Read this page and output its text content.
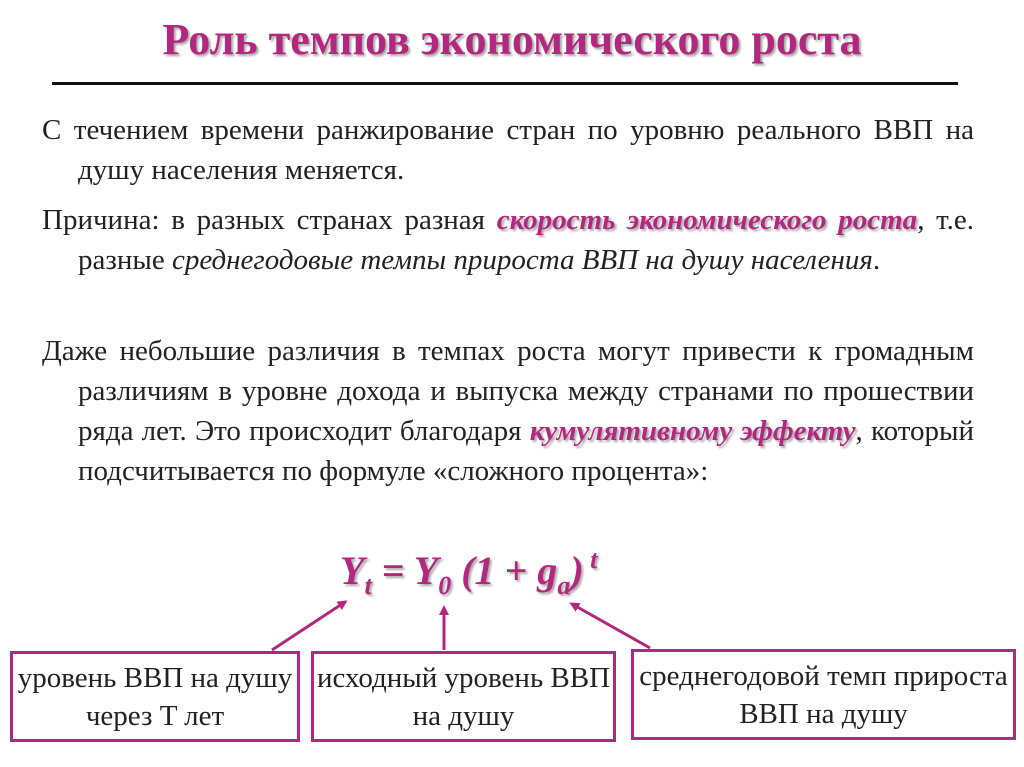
Роль темпов экономического роста
С течением времени ранжирование стран по уровню реального ВВП на душу населения меняется.
Причина: в разных странах разная скорость экономического роста, т.е. разные среднегодовые темпы прироста ВВП на душу населения.
Даже небольшие различия в темпах роста могут привести к громадным различиям в уровне дохода и выпуска между странами по прошествии ряда лет. Это происходит благодаря кумулятивному эффекту, который подсчитывается по формуле «сложного процента»:
$Y_t = Y_0$ $(1 + g_a)$ $^t$
уровень ВВП на душу через T лет
исходный уровень ВВП на душу
среднегодовой темп прироста ВВП на душу
